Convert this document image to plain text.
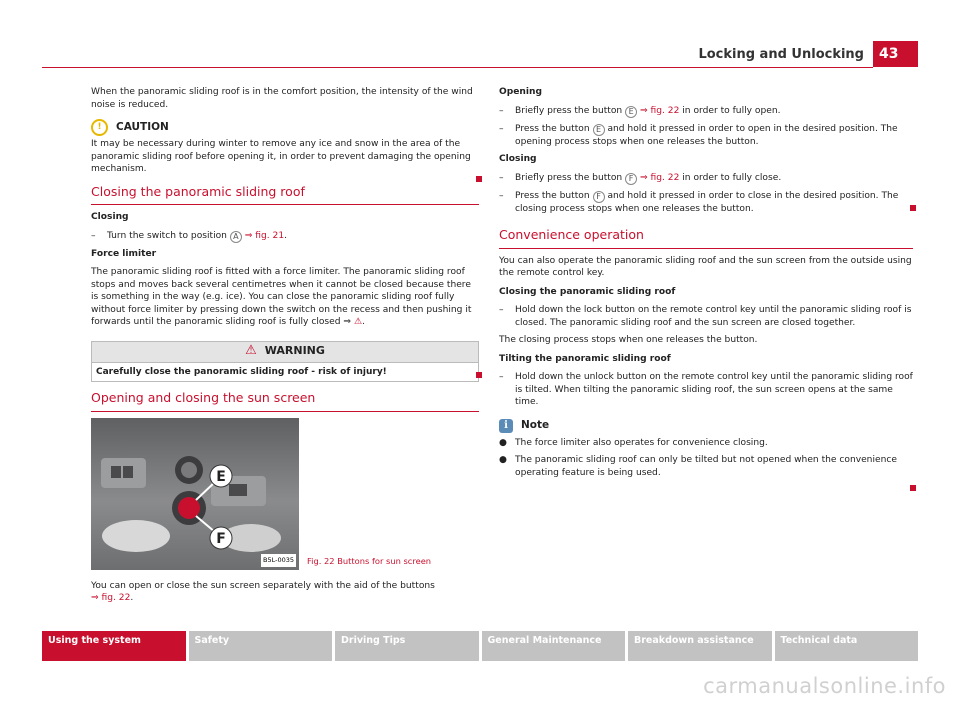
Locking and Unlocking	43

When the panoramic sliding roof is in the comfort position, the intensity of the wind noise is reduced.

!	CAUTION

It may be necessary during winter to remove any ice and snow in the area of the panoramic sliding roof before opening it, in order to prevent damaging the opening mechanism.

Closing the panoramic sliding roof

Closing

– Turn the switch to position A ⇒ fig. 21.

Force limiter

The panoramic sliding roof is fitted with a force limiter. The panoramic sliding roof stops and moves back several centimetres when it cannot be closed because there is something in the way (e.g. ice). You can close the panoramic sliding roof fully without force limiter by pressing down the switch on the recess and then pushing it forwards until the panoramic sliding roof is fully closed ⇒ ⚠.

⚠ WARNING
Carefully close the panoramic sliding roof - risk of injury!
Opening and closing the sun screen
E
F
B5L-0035 Fig. 22 Buttons for sun screen

You can open or close the sun screen separately with the aid of the buttons
⇒ fig. 22.

Opening

– Briefly press the button E ⇒ fig. 22 in order to fully open.
– Press the button E and hold it pressed in order to open in the desired position. The opening process stops when one releases the button.

Closing

– Briefly press the button F ⇒ fig. 22 in order to fully close.
– Press the button F and hold it pressed in order to close in the desired position. The closing process stops when one releases the button.
Convenience operation

You can also operate the panoramic sliding roof and the sun screen from the outside using the remote control key.

Closing the panoramic sliding roof

– Hold down the lock button on the remote control key until the panoramic sliding roof is closed. The panoramic sliding roof and the sun screen are closed together.

The closing process stops when one releases the button.

Tilting the panoramic sliding roof

– Hold down the unlock button on the remote control key until the panoramic sliding roof is tilted. When tilting the panoramic sliding roof, the sun screen opens at the same time.
i	Note
● The force limiter also operates for convenience closing.
● The panoramic sliding roof can only be tilted but not opened when the convenience operating feature is being used.
Using the system	Safety	Driving Tips	General Maintenance	Breakdown assistance	Technical data
carmanualsonline.info
